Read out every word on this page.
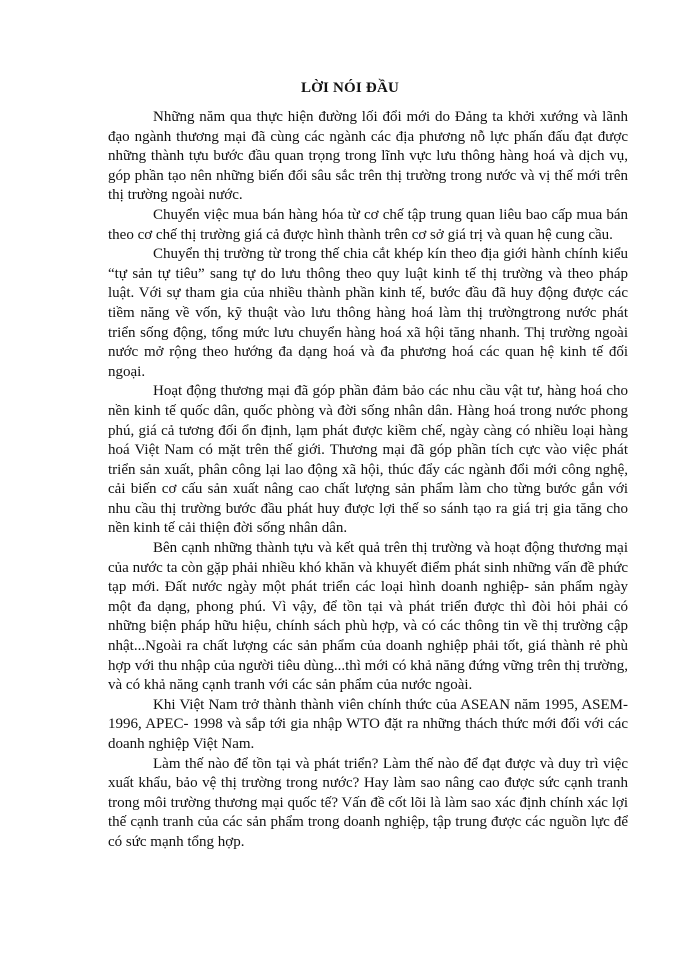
LỜI NÓI ĐẦU

Những năm qua thực hiện đường lối đổi mới do Đảng ta khởi xướng và lãnh đạo ngành thương mại đã cùng các ngành các địa phương nỗ lực phấn đấu đạt được những thành tựu bước đầu quan trọng trong lĩnh vực lưu thông hàng hoá và dịch vụ, góp phần tạo nên những biến đổi sâu sắc trên thị trường trong nước và vị thế mới trên thị trường ngoài nước.

Chuyển việc mua bán hàng hóa từ cơ chế tập trung quan liêu bao cấp mua bán theo cơ chế thị trường giá cả được hình thành trên cơ sở giá trị và quan hệ cung cầu.

Chuyển thị trường từ trong thế chia cắt khép kín theo địa giới hành chính kiểu “tự sản tự tiêu” sang tự do lưu thông theo quy luật kinh tế thị trường và theo pháp luật. Với sự tham gia của nhiều thành phần kinh tế, bước đầu đã huy động được các tiềm năng về vốn, kỹ thuật vào lưu thông hàng hoá làm thị trườngtrong nước phát triển sống động, tổng mức lưu chuyển hàng hoá xã hội tăng nhanh. Thị trường ngoài nước mở rộng theo hướng đa dạng hoá và đa phương hoá các quan hệ kinh tế đối ngoại.

Hoạt động thương mại đã góp phần đảm bảo các nhu cầu vật tư, hàng hoá cho nền kinh tế quốc dân, quốc phòng và đời sống nhân dân. Hàng hoá trong nước phong phú, giá cả tương đối ổn định, lạm phát được kiềm chế, ngày càng có nhiều loại hàng hoá Việt Nam có mặt trên thế giới. Thương mại đã góp phần tích cực vào việc phát triển sản xuất, phân công lại lao động xã hội, thúc đẩy các ngành đổi mới công nghệ, cải biến cơ cấu sản xuất nâng cao chất lượng sản phẩm làm cho từng bước gắn với nhu cầu thị trường bước đầu phát huy được lợi thế so sánh tạo ra giá trị gia tăng cho nền kinh tế cải thiện đời sống nhân dân.

Bên cạnh những thành tựu và kết quả trên thị trường và hoạt động thương mại của nước ta còn gặp phải nhiều khó khăn và khuyết điểm phát sinh những vấn đề phức tạp mới. Đất nước ngày một phát triển các loại hình doanh nghiệp- sản phẩm ngày một đa dạng, phong phú. Vì vậy, để tồn tại và phát triển được thì đòi hỏi phải có những biện pháp hữu hiệu, chính sách phù hợp, và có các thông tin về thị trường cập nhật...Ngoài ra chất lượng các sản phẩm của doanh nghiệp phải tốt, giá thành rẻ phù hợp với thu nhập của người tiêu dùng...thì mới có khả năng đứng vững trên thị trường, và có khả năng cạnh tranh với các sản phẩm của nước ngoài.

Khi Việt Nam trở thành thành viên chính thức của ASEAN năm 1995, ASEM- 1996, APEC- 1998 và sắp tới gia nhập WTO đặt ra những thách thức mới đối với các doanh nghiệp Việt Nam.

Làm thế nào để tồn tại và phát triển? Làm thế nào để đạt được và duy trì việc xuất khẩu, bảo vệ thị trường trong nước? Hay làm sao nâng cao được sức cạnh tranh trong môi trường thương mại quốc tế? Vấn đề cốt lõi là làm sao xác định chính xác lợi thế cạnh tranh của các sản phẩm trong doanh nghiệp, tập trung được các nguồn lực để có sức mạnh tổng hợp.
